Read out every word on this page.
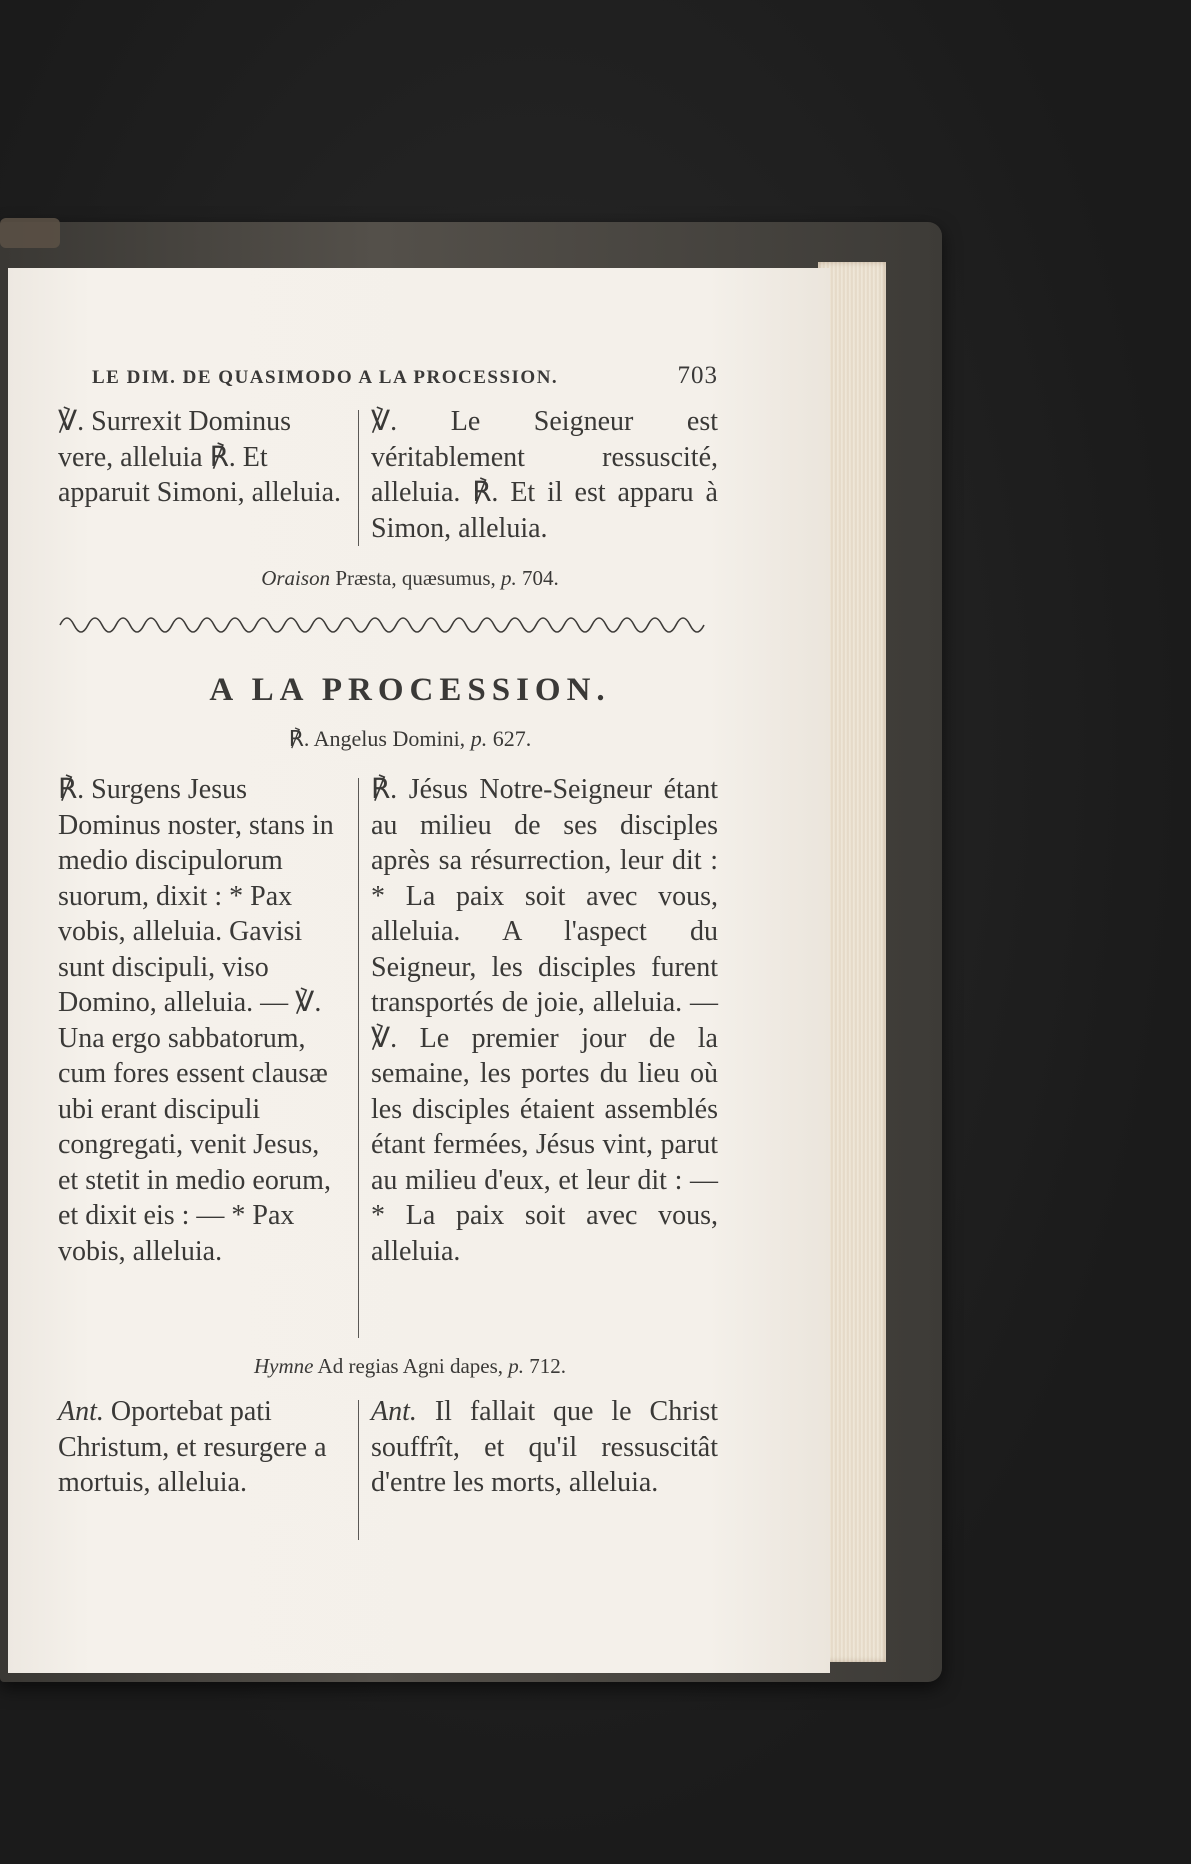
LE DIM. DE QUASIMODO A LA PROCESSION.	703

℣. Surrexit Dominus vere, alleluia ℟. Et apparuit Simoni, alleluia.

℣. Le Seigneur est véritablement ressuscité, alleluia. ℟. Et il est apparu à Simon, alleluia.

Oraison Præsta, quæsumus, p. 704.
A LA PROCESSION.
℟. Angelus Domini, p. 627.

℟. Surgens Jesus Dominus noster, stans in medio discipulorum suorum, dixit : * Pax vobis, alleluia. Gavisi sunt discipuli, viso Domino, alleluia. — ℣. Una ergo sabbatorum, cum fores essent clausæ ubi erant discipuli congregati, venit Jesus, et stetit in medio eorum, et dixit eis : — * Pax vobis, alleluia.

℟. Jésus Notre-Seigneur étant au milieu de ses disciples après sa résurrection, leur dit : * La paix soit avec vous, alleluia. A l'aspect du Seigneur, les disciples furent transportés de joie, alleluia. — ℣. Le premier jour de la semaine, les portes du lieu où les disciples étaient assemblés étant fermées, Jésus vint, parut au milieu d'eux, et leur dit : — * La paix soit avec vous, alleluia.

Hymne Ad regias Agni dapes, p. 712.

Ant. Oportebat pati Christum, et resurgere a mortuis, alleluia.

Ant. Il fallait que le Christ souffrît, et qu'il ressuscitât d'entre les morts, alleluia.
